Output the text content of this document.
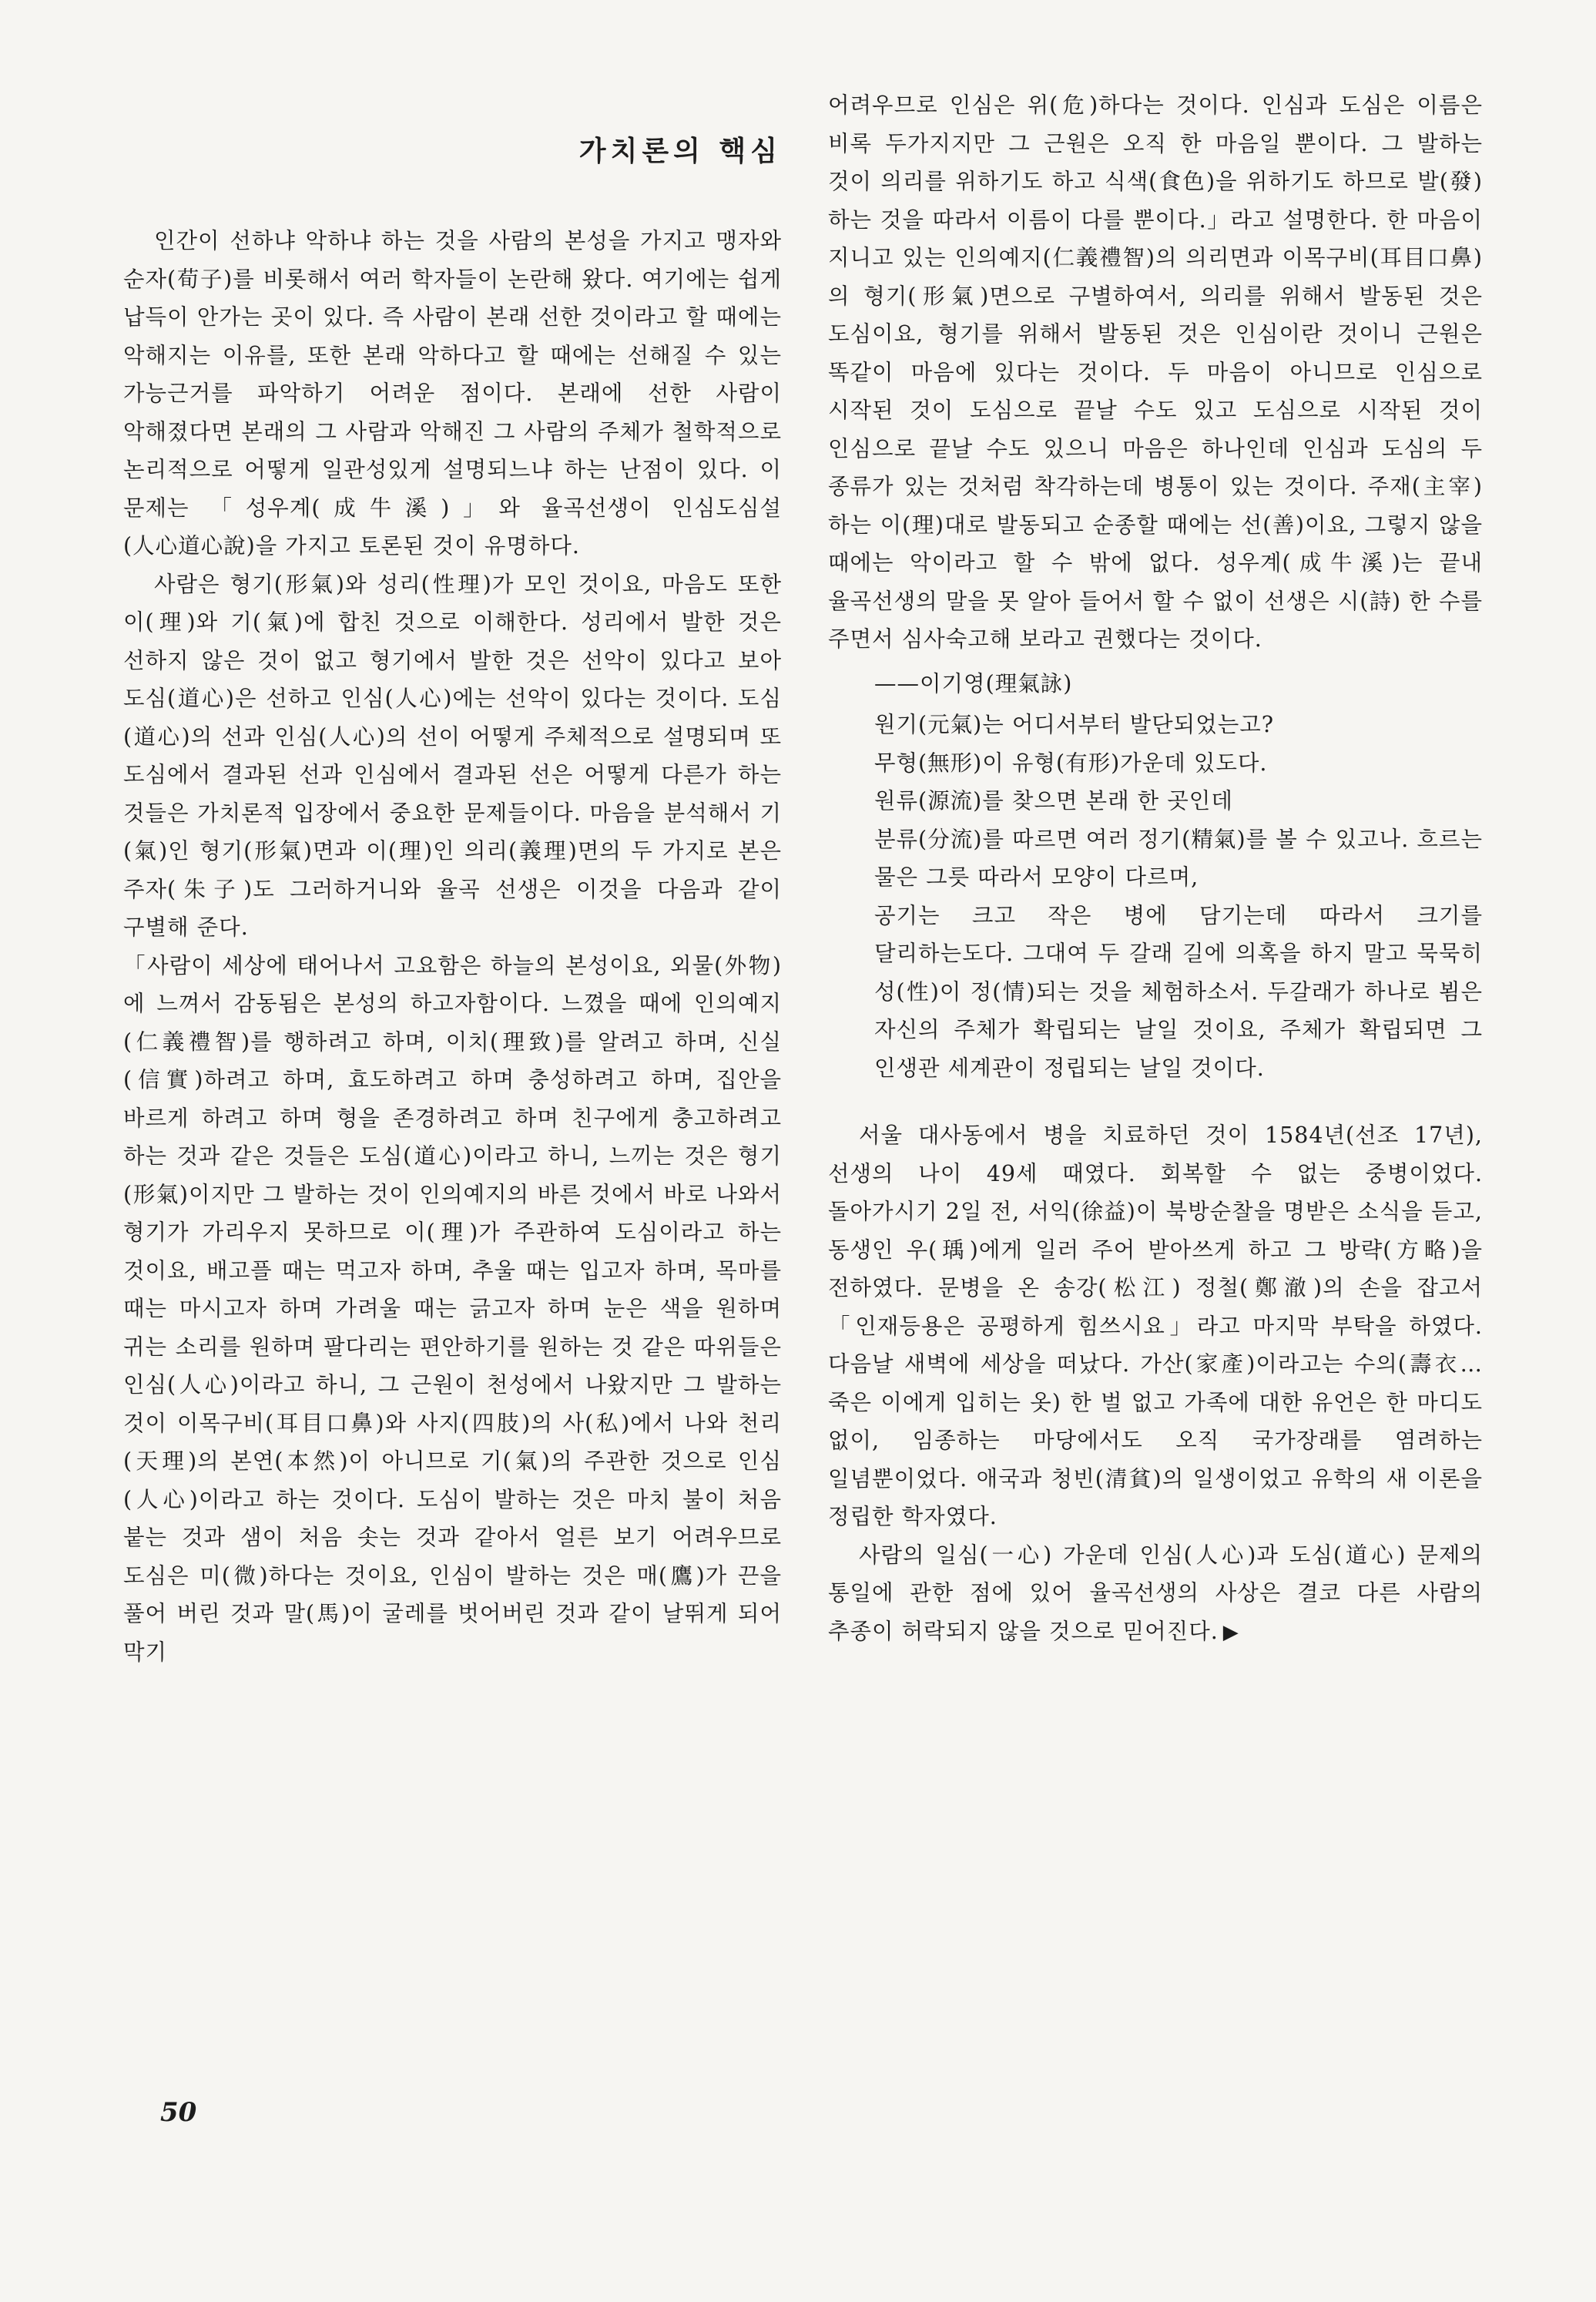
가치론의 핵심

인간이 선하냐 악하냐 하는 것을 사람의 본성을 가지고 맹자와 순자(荀子)를 비롯해서 여러 학자들이 논란해 왔다. 여기에는 쉽게 납득이 안가는 곳이 있다. 즉 사람이 본래 선한 것이라고 할 때에는 악해지는 이유를, 또한 본래 악하다고 할 때에는 선해질 수 있는 가능근거를 파악하기 어려운 점이다. 본래에 선한 사람이 악해졌다면 본래의 그 사람과 악해진 그 사람의 주체가 철학적으로 논리적으로 어떻게 일관성있게 설명되느냐 하는 난점이 있다. 이 문제는 「성우계(成牛溪)」와 율곡선생이 인심도심설(人心道心說)을 가지고 토론된 것이 유명하다.

사람은 형기(形氣)와 성리(性理)가 모인 것이요, 마음도 또한 이(理)와 기(氣)에 합친 것으로 이해한다. 성리에서 발한 것은 선하지 않은 것이 없고 형기에서 발한 것은 선악이 있다고 보아 도심(道心)은 선하고 인심(人心)에는 선악이 있다는 것이다. 도심(道心)의 선과 인심(人心)의 선이 어떻게 주체적으로 설명되며 또 도심에서 결과된 선과 인심에서 결과된 선은 어떻게 다른가 하는 것들은 가치론적 입장에서 중요한 문제들이다. 마음을 분석해서 기(氣)인 형기(形氣)면과 이(理)인 의리(義理)면의 두 가지로 본은 주자(朱子)도 그러하거니와 율곡 선생은 이것을 다음과 같이 구별해 준다.

「사람이 세상에 태어나서 고요함은 하늘의 본성이요, 외물(外物)에 느껴서 감동됨은 본성의 하고자함이다. 느꼈을 때에 인의예지(仁義禮智)를 행하려고 하며, 이치(理致)를 알려고 하며, 신실(信實)하려고 하며, 효도하려고 하며 충성하려고 하며, 집안을 바르게 하려고 하며 형을 존경하려고 하며 친구에게 충고하려고 하는 것과 같은 것들은 도심(道心)이라고 하니, 느끼는 것은 형기(形氣)이지만 그 발하는 것이 인의예지의 바른 것에서 바로 나와서 형기가 가리우지 못하므로 이(理)가 주관하여 도심이라고 하는 것이요, 배고플 때는 먹고자 하며, 추울 때는 입고자 하며, 목마를 때는 마시고자 하며 가려울 때는 긁고자 하며 눈은 색을 원하며 귀는 소리를 원하며 팔다리는 편안하기를 원하는 것 같은 따위들은 인심(人心)이라고 하니, 그 근원이 천성에서 나왔지만 그 발하는 것이 이목구비(耳目口鼻)와 사지(四肢)의 사(私)에서 나와 천리(天理)의 본연(本然)이 아니므로 기(氣)의 주관한 것으로 인심(人心)이라고 하는 것이다. 도심이 발하는 것은 마치 불이 처음 붙는 것과 샘이 처음 솟는 것과 같아서 얼른 보기 어려우므로 도심은 미(微)하다는 것이요, 인심이 발하는 것은 매(鷹)가 끈을 풀어 버린 것과 말(馬)이 굴레를 벗어버린 것과 같이 날뛰게 되어 막기

어려우므로 인심은 위(危)하다는 것이다. 인심과 도심은 이름은 비록 두가지지만 그 근원은 오직 한 마음일 뿐이다. 그 발하는 것이 의리를 위하기도 하고 식색(食色)을 위하기도 하므로 발(發)하는 것을 따라서 이름이 다를 뿐이다.」라고 설명한다. 한 마음이 지니고 있는 인의예지(仁義禮智)의 의리면과 이목구비(耳目口鼻)의 형기(形氣)면으로 구별하여서, 의리를 위해서 발동된 것은 도심이요, 형기를 위해서 발동된 것은 인심이란 것이니 근원은 똑같이 마음에 있다는 것이다. 두 마음이 아니므로 인심으로 시작된 것이 도심으로 끝날 수도 있고 도심으로 시작된 것이 인심으로 끝날 수도 있으니 마음은 하나인데 인심과 도심의 두 종류가 있는 것처럼 착각하는데 병통이 있는 것이다. 주재(主宰)하는 이(理)대로 발동되고 순종할 때에는 선(善)이요, 그렇지 않을 때에는 악이라고 할 수 밖에 없다. 성우계(成牛溪)는 끝내 율곡선생의 말을 못 알아 들어서 할 수 없이 선생은 시(詩) 한 수를 주면서 심사숙고해 보라고 권했다는 것이다.

——이기영(理氣詠)

원기(元氣)는 어디서부터 발단되었는고?

무형(無形)이 유형(有形)가운데 있도다.

원류(源流)를 찾으면 본래 한 곳인데

분류(分流)를 따르면 여러 정기(精氣)를 볼 수 있고나. 흐르는 물은 그릇 따라서 모양이 다르며,

공기는 크고 작은 병에 담기는데 따라서 크기를 달리하는도다. 그대여 두 갈래 길에 의혹을 하지 말고 묵묵히 성(性)이 정(情)되는 것을 체험하소서. 두갈래가 하나로 뵘은 자신의 주체가 확립되는 날일 것이요, 주체가 확립되면 그 인생관 세계관이 정립되는 날일 것이다.

서울 대사동에서 병을 치료하던 것이 1584년(선조 17년), 선생의 나이 49세 때였다. 회복할 수 없는 중병이었다. 돌아가시기 2일 전, 서익(徐益)이 북방순찰을 명받은 소식을 듣고, 동생인 우(瑀)에게 일러 주어 받아쓰게 하고 그 방략(方略)을 전하였다. 문병을 온 송강(松江) 정철(鄭澈)의 손을 잡고서 「인재등용은 공평하게 힘쓰시요」라고 마지막 부탁을 하였다. 다음날 새벽에 세상을 떠났다. 가산(家產)이라고는 수의(壽衣…죽은 이에게 입히는 옷) 한 벌 없고 가족에 대한 유언은 한 마디도 없이, 임종하는 마당에서도 오직 국가장래를 염려하는 일념뿐이었다. 애국과 청빈(清貧)의 일생이었고 유학의 새 이론을 정립한 학자였다.

사람의 일심(一心) 가운데 인심(人心)과 도심(道心) 문제의 통일에 관한 점에 있어 율곡선생의 사상은 결코 다른 사람의 추종이 허락되지 않을 것으로 믿어진다. ▶

50
